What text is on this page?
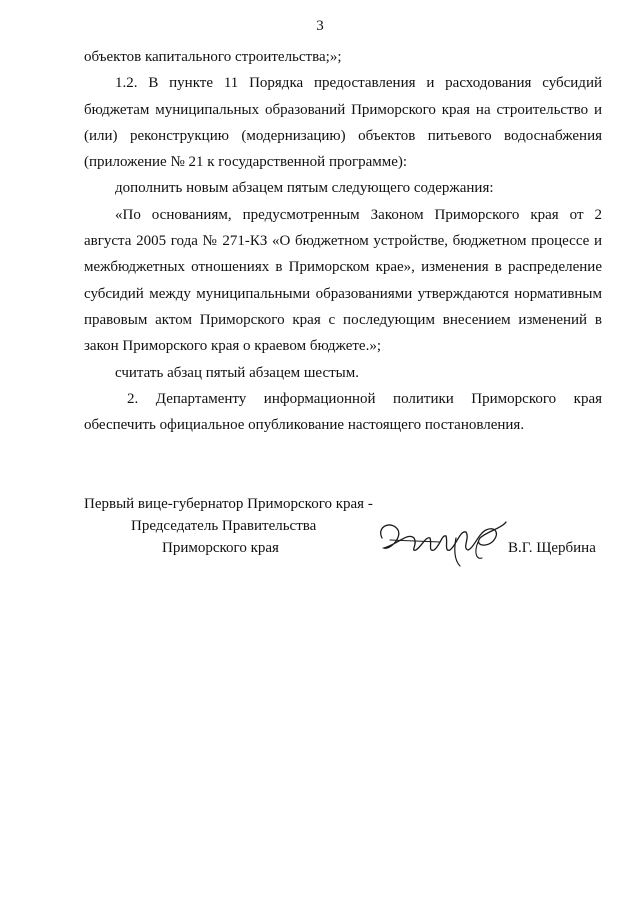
3

объектов капитального строительства;»;

1.2. В пункте 11 Порядка предоставления и расходования субсидий бюджетам муниципальных образований Приморского края на строительство и (или) реконструкцию (модернизацию) объектов питьевого водоснабжения (приложение № 21 к государственной программе):

дополнить новым абзацем пятым следующего содержания:

«По основаниям, предусмотренным Законом Приморского края от 2 августа 2005 года № 271-КЗ «О бюджетном устройстве, бюджетном процессе и межбюджетных отношениях в Приморском крае», изменения в распределение субсидий между муниципальными образованиями утверждаются нормативным правовым актом Приморского края с последующим внесением изменений в закон Приморского края о краевом бюджете.»;

считать абзац пятый абзацем шестым.

2. Департаменту информационной политики Приморского края обеспечить официальное опубликование настоящего постановления.

Первый вице-губернатор Приморского края -
Председатель Правительства
Приморского края	В.Г. Щербина
